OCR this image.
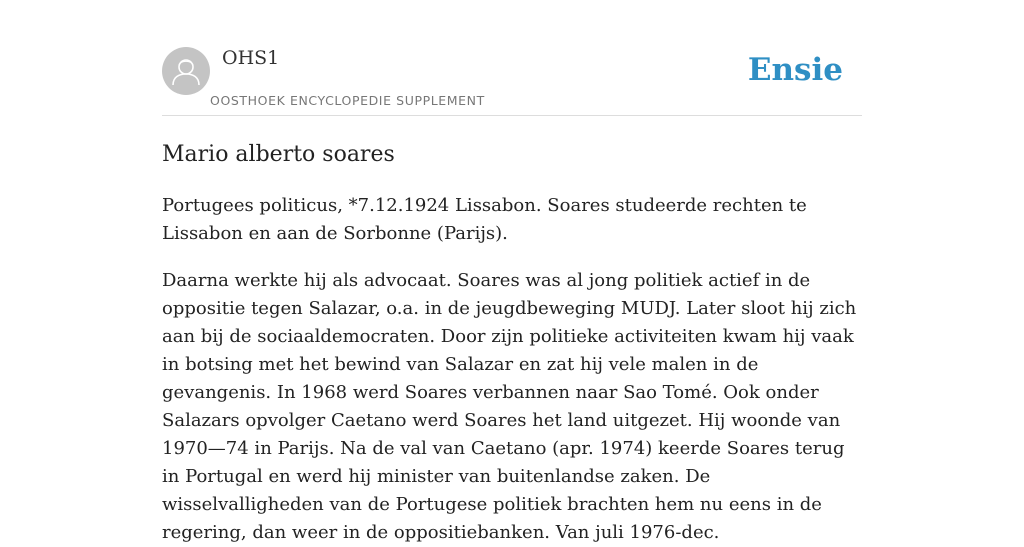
OHS1
OOSTHOEK ENCYCLOPEDIE SUPPLEMENT
Ensie
Mario alberto soares

Portugees politicus, *7.12.1924 Lissabon. Soares studeerde rechten te Lissabon en aan de Sorbonne (Parijs).

Daarna werkte hij als advocaat. Soares was al jong politiek actief in de oppositie tegen Salazar, o.a. in de jeugdbeweging MUDJ. Later sloot hij zich aan bij de sociaaldemocraten. Door zijn politieke activiteiten kwam hij vaak in botsing met het bewind van Salazar en zat hij vele malen in de gevangenis. In 1968 werd Soares verbannen naar Sao Tomé. Ook onder Salazars opvolger Caetano werd Soares het land uitgezet. Hij woonde van 1970—74 in Parijs. Na de val van Caetano (apr. 1974) keerde Soares terug in Portugal en werd hij minister van buitenlandse zaken. De wisselvalligheden van de Portugese politiek brachten hem nu eens in de regering, dan weer in de oppositiebanken. Van juli 1976-dec.
